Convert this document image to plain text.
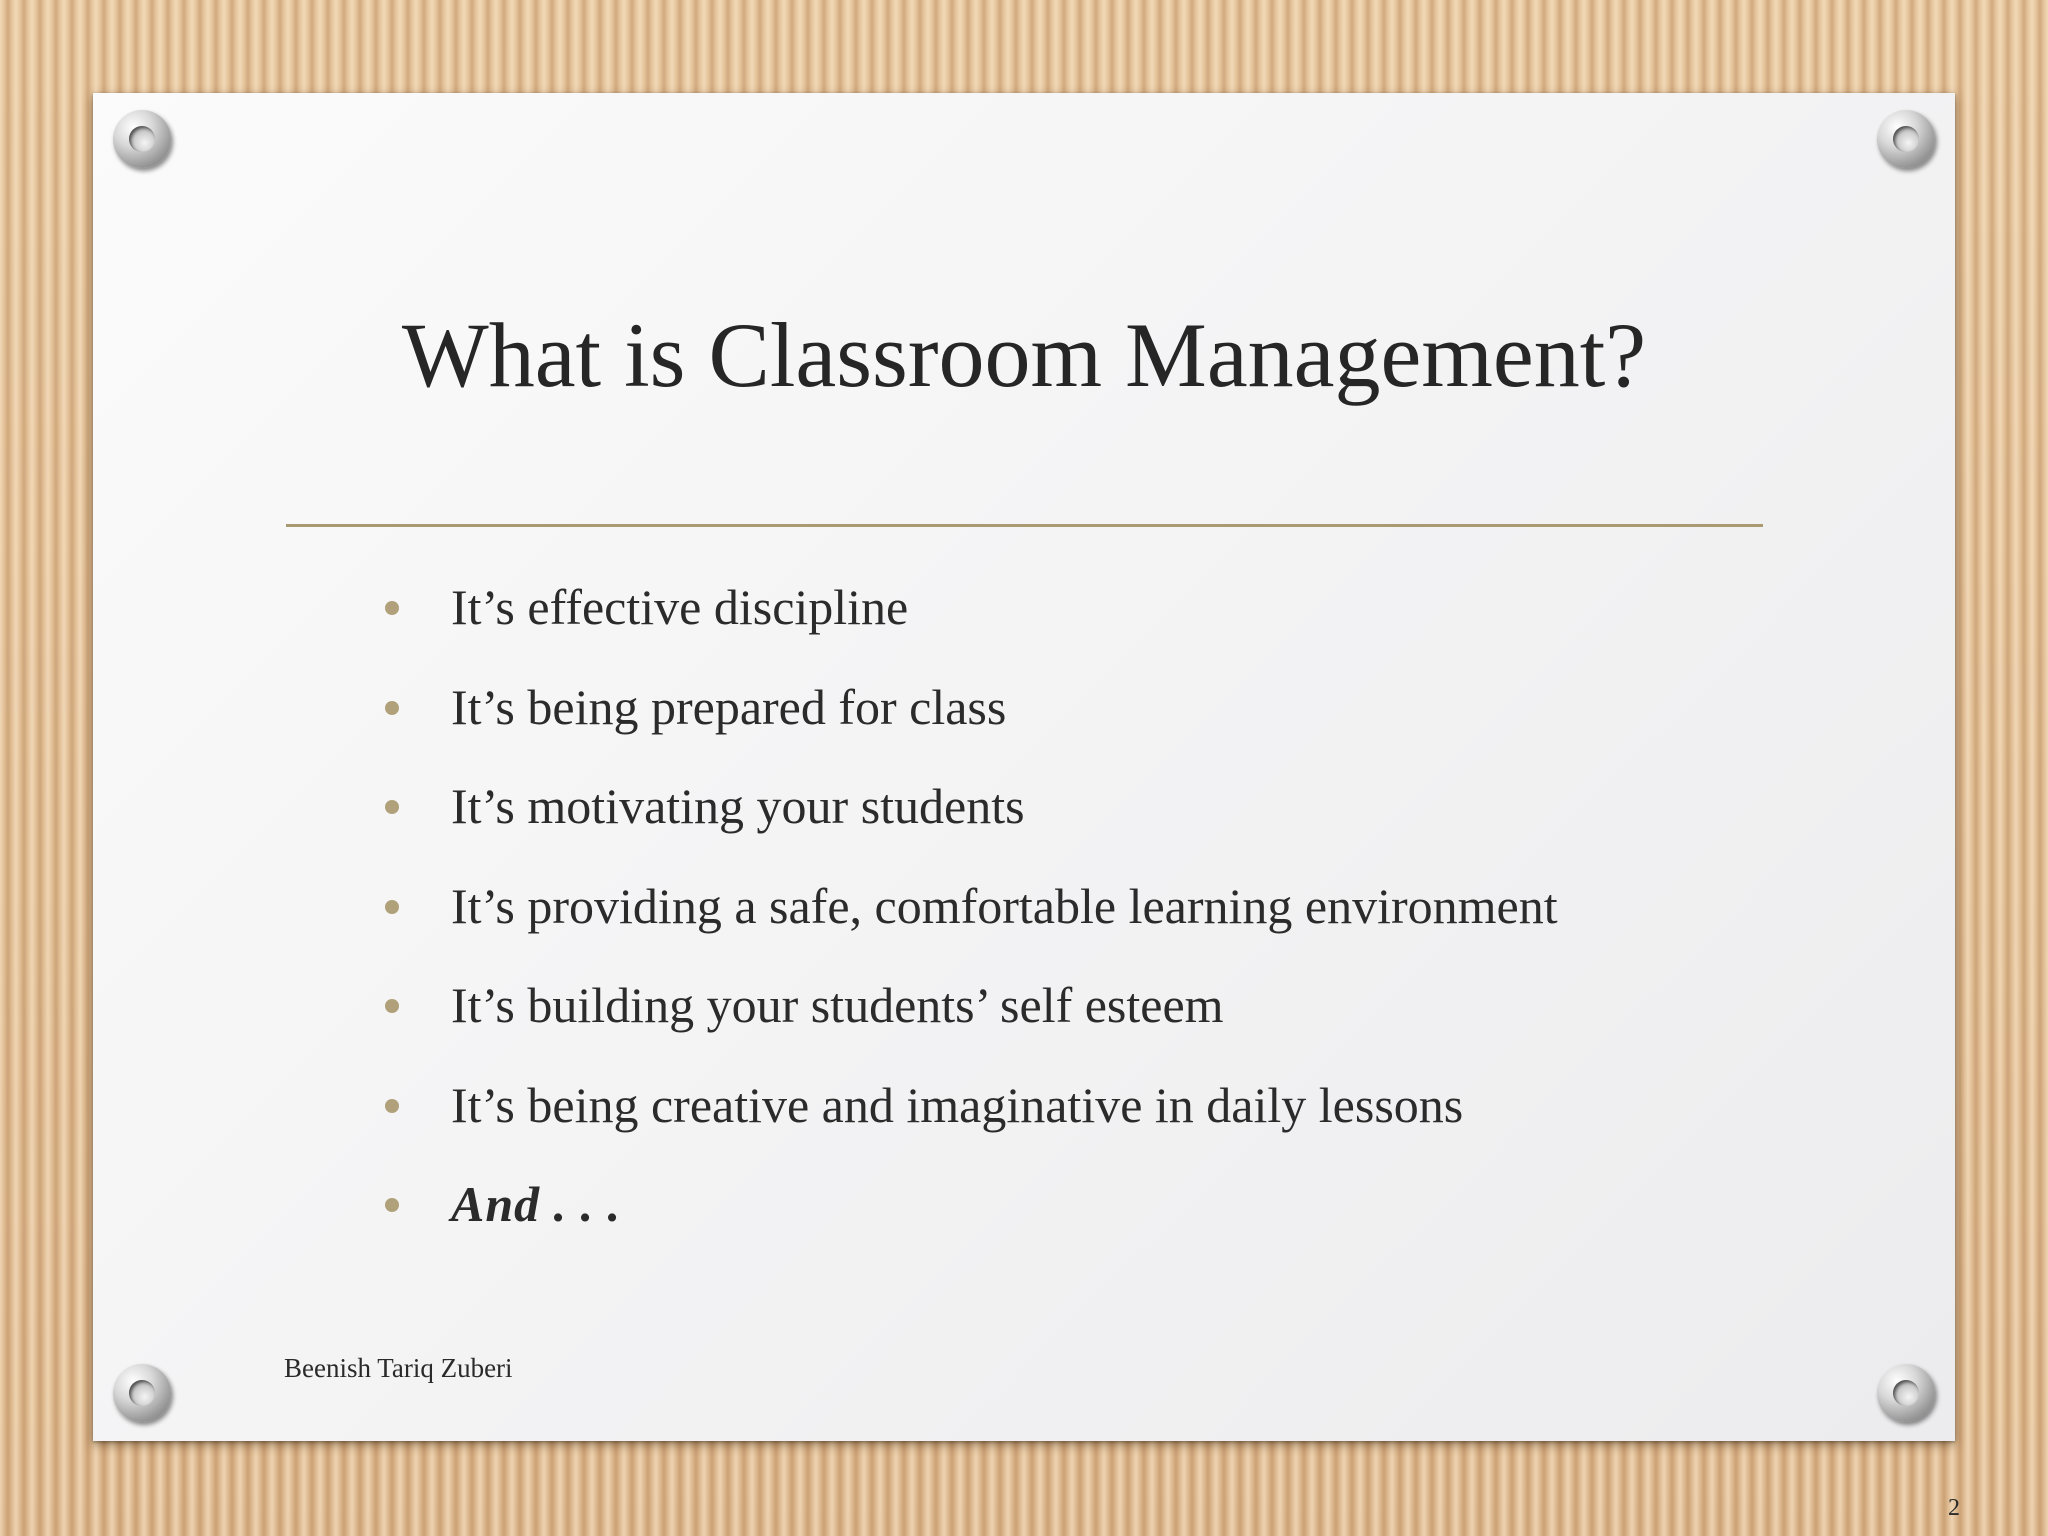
What is Classroom Management?
It’s effective discipline
It’s being prepared for class
It’s motivating your students
It’s providing a safe, comfortable learning environment
It’s building your students’ self esteem
It’s being creative and imaginative in daily lessons
And . . .
Beenish Tariq Zuberi
2
